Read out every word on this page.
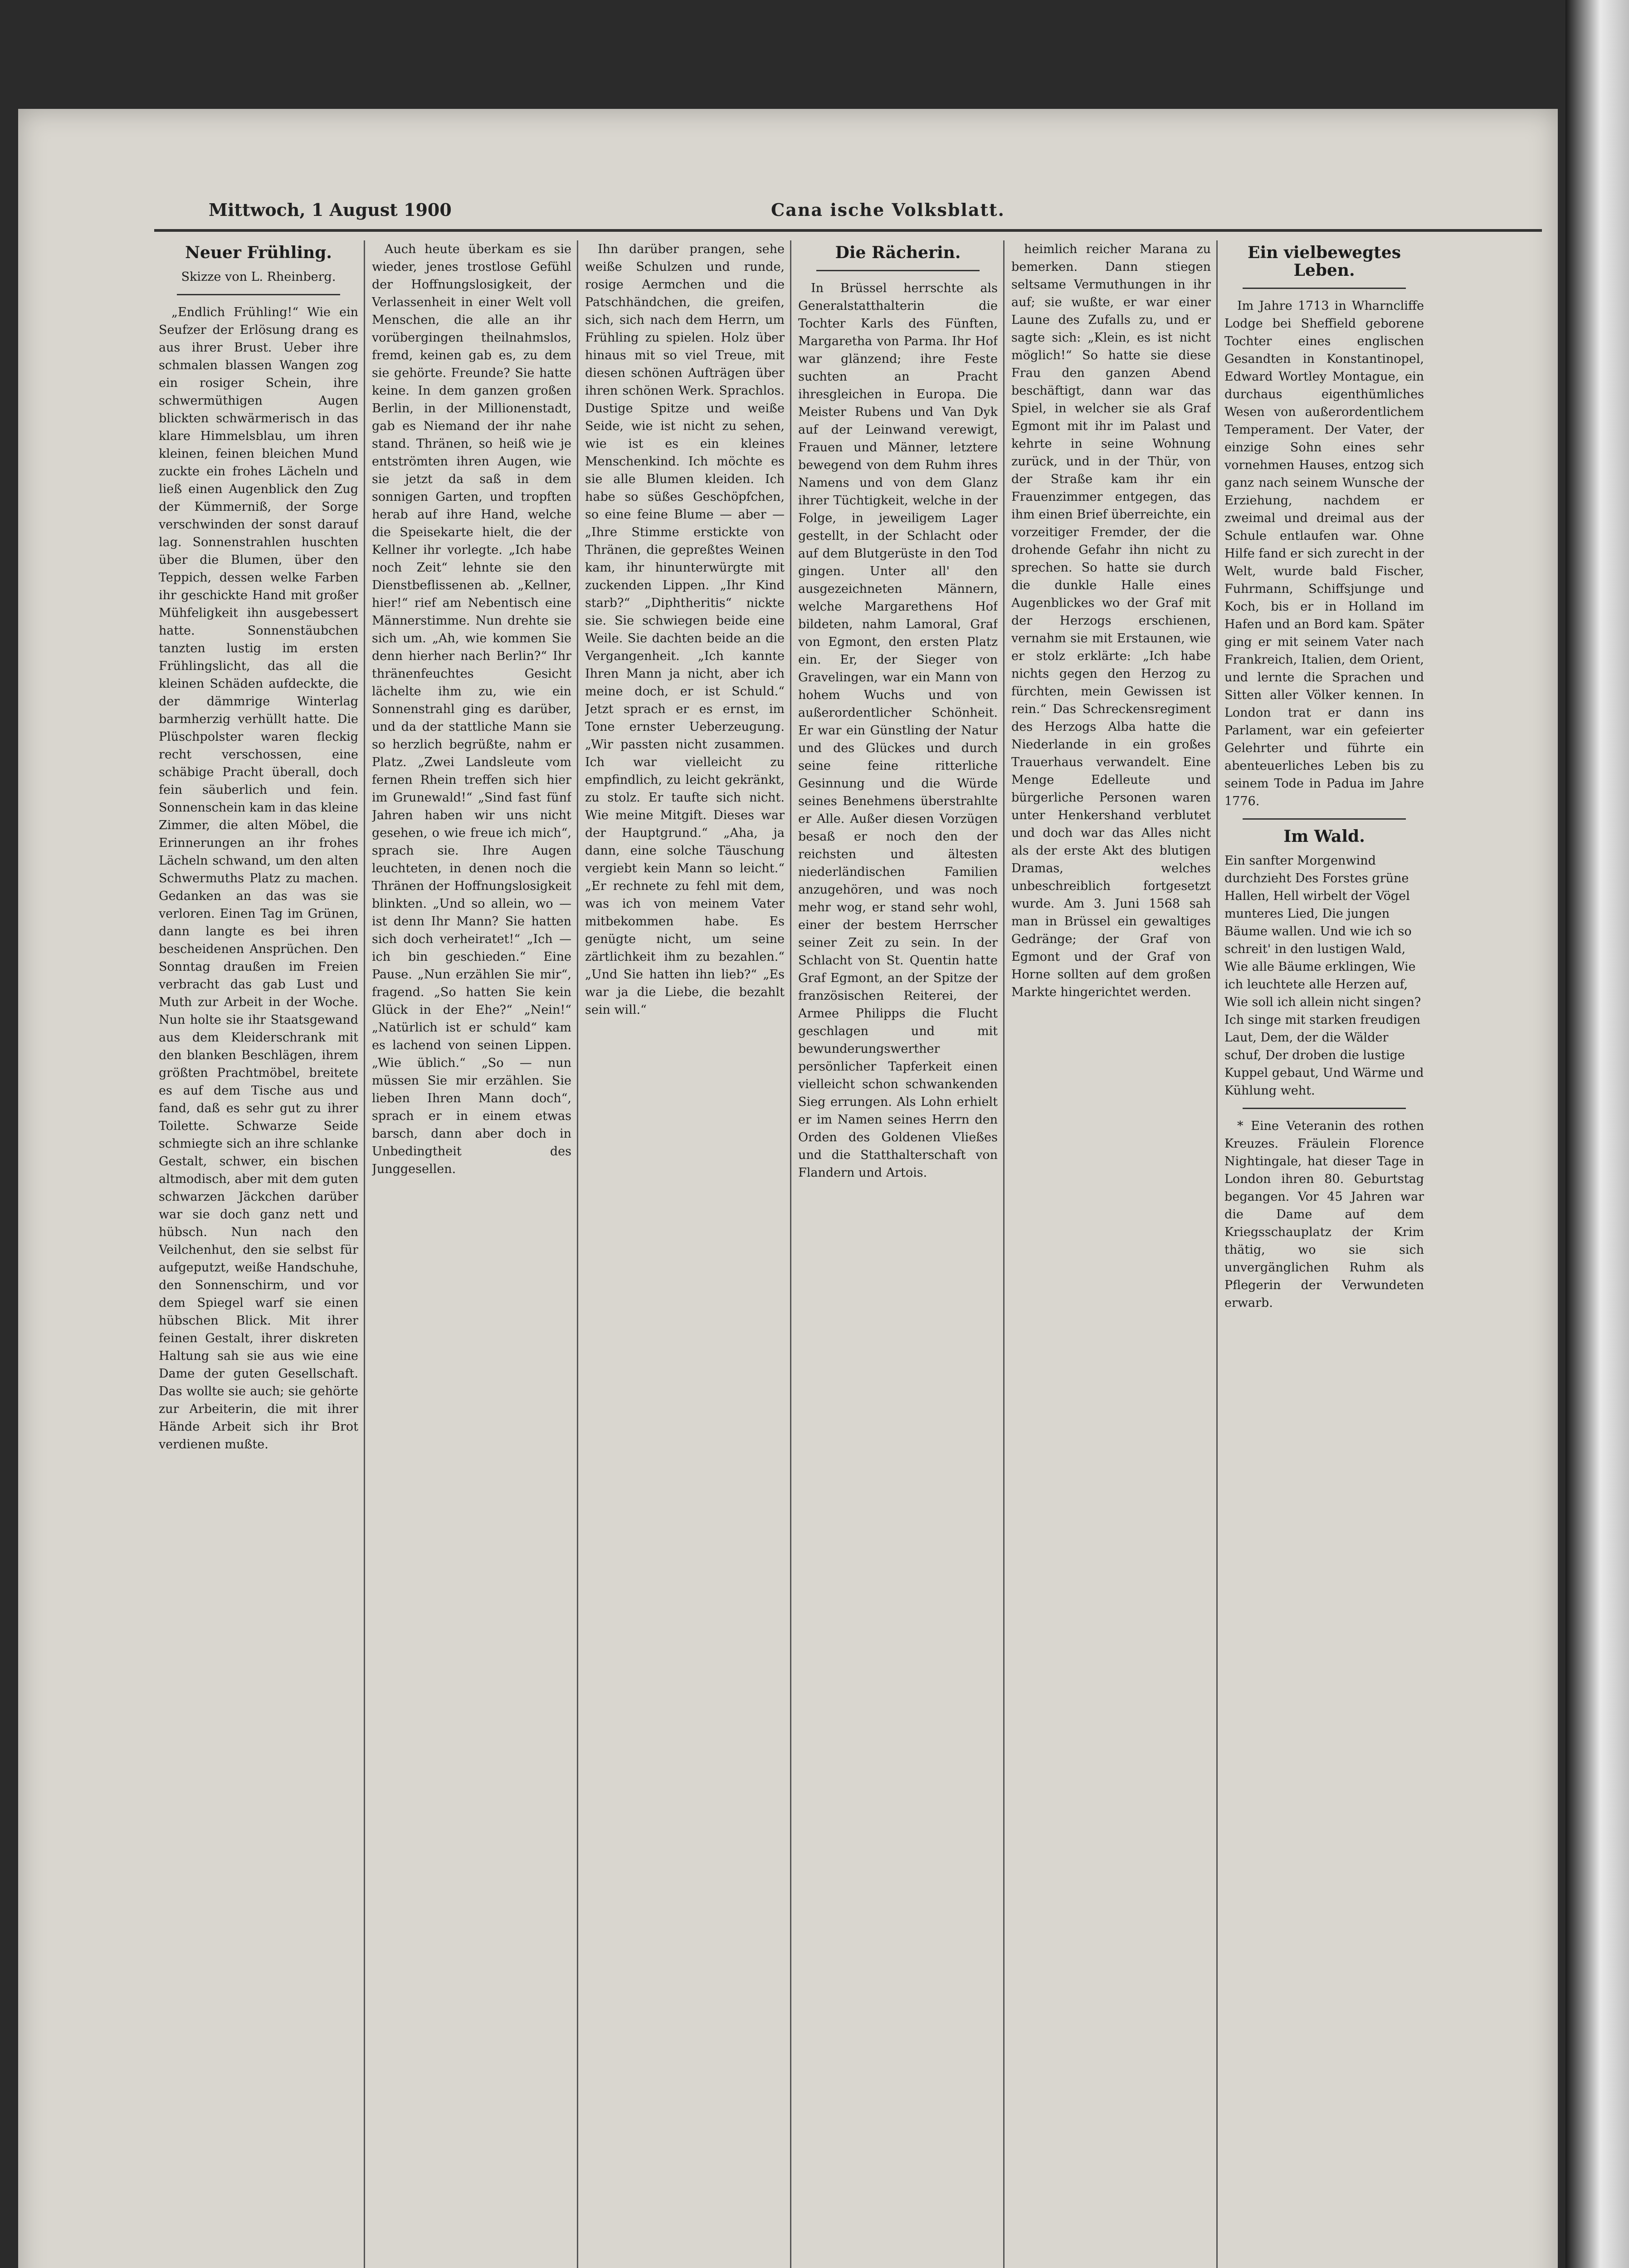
Mittwoch, 1 August 1900	Cana ische Volksblatt.
Neuer Frühling.
Skizze von L. Rheinberg.

„Endlich Frühling!“ Wie ein Seufzer der Erlösung drang es aus ihrer Brust. Ueber ihre schmalen blassen Wangen zog ein rosiger Schein, ihre schwermüthigen Augen blickten schwärmerisch in das klare Himmelsblau, um ihren kleinen, feinen bleichen Mund zuckte ein frohes Lächeln und ließ einen Augenblick den Zug der Kümmerniß, der Sorge verschwinden der sonst darauf lag. Sonnenstrahlen huschten über die Blumen, über den Teppich, dessen welke Farben ihr geschickte Hand mit großer Mühfeligkeit ihn ausgebessert hatte. Sonnenstäubchen tanzten lustig im ersten Frühlingslicht, das all die kleinen Schäden aufdeckte, die der dämmrige Winterlag barmherzig verhüllt hatte. Die Plüschpolster waren fleckig recht verschossen, eine schäbige Pracht überall, doch fein säuberlich und fein. Sonnenschein kam in das kleine Zimmer, die alten Möbel, die Erinnerungen an ihr frohes Lächeln schwand, um den alten Schwermuths Platz zu machen. Gedanken an das was sie verloren. Einen Tag im Grünen, dann langte es bei ihren bescheidenen Ansprüchen. Den Sonntag draußen im Freien verbracht das gab Lust und Muth zur Arbeit in der Woche. Nun holte sie ihr Staatsgewand aus dem Kleiderschrank mit den blanken Beschlägen, ihrem größten Prachtmöbel, breitete es auf dem Tische aus und fand, daß es sehr gut zu ihrer Toilette. Schwarze Seide schmiegte sich an ihre schlanke Gestalt, schwer, ein bischen altmodisch, aber mit dem guten schwarzen Jäckchen darüber war sie doch ganz nett und hübsch. Nun nach den Veilchenhut, den sie selbst für aufgeputzt, weiße Handschuhe, den Sonnenschirm, und vor dem Spiegel warf sie einen hübschen Blick. Mit ihrer feinen Gestalt, ihrer diskreten Haltung sah sie aus wie eine Dame der guten Gesellschaft. Das wollte sie auch; sie gehörte zur Arbeiterin, die mit ihrer Hände Arbeit sich ihr Brot verdienen mußte.

Auch heute überkam es sie wieder, jenes trostlose Gefühl der Hoffnungslosigkeit, der Verlassenheit in einer Welt voll Menschen, die alle an ihr vorübergingen theilnahmslos, fremd, keinen gab es, zu dem sie gehörte. Freunde? Sie hatte keine. In dem ganzen großen Berlin, in der Millionenstadt, gab es Niemand der ihr nahe stand. Thränen, so heiß wie je entströmten ihren Augen, wie sie jetzt da saß in dem sonnigen Garten, und tropften herab auf ihre Hand, welche die Speisekarte hielt, die der Kellner ihr vorlegte. „Ich habe noch Zeit“ lehnte sie den Dienstbeflissenen ab. „Kellner, hier!“ rief am Nebentisch eine Männerstimme. Nun drehte sie sich um. „Ah, wie kommen Sie denn hierher nach Berlin?“ Ihr thränenfeuchtes Gesicht lächelte ihm zu, wie ein Sonnenstrahl ging es darüber, und da der stattliche Mann sie so herzlich begrüßte, nahm er Platz. „Zwei Landsleute vom fernen Rhein treffen sich hier im Grunewald!“ „Sind fast fünf Jahren haben wir uns nicht gesehen, o wie freue ich mich“, sprach sie. Ihre Augen leuchteten, in denen noch die Thränen der Hoffnungslosigkeit blinkten. „Und so allein, wo — ist denn Ihr Mann? Sie hatten sich doch verheiratet!“ „Ich — ich bin geschieden.“ Eine Pause. „Nun erzählen Sie mir“, fragend. „So hatten Sie kein Glück in der Ehe?“ „Nein!“ „Natürlich ist er schuld“ kam es lachend von seinen Lippen. „Wie üblich.“ „So — nun müssen Sie mir erzählen. Sie lieben Ihren Mann doch“, sprach er in einem etwas barsch, dann aber doch in Unbedingtheit des Junggesellen.

Ihn darüber prangen, sehe weiße Schulzen und runde, rosige Aermchen und die Patschhändchen, die greifen, sich, sich nach dem Herrn, um Frühling zu spielen. Holz über hinaus mit so viel Treue, mit diesen schönen Aufträgen über ihren schönen Werk. Sprachlos. Dustige Spitze und weiße Seide, wie ist nicht zu sehen, wie ist es ein kleines Menschenkind. Ich möchte es sie alle Blumen kleiden. Ich habe so süßes Geschöpfchen, so eine feine Blume — aber — „Ihre Stimme erstickte von Thränen, die gepreßtes Weinen kam, ihr hinunterwürgte mit zuckenden Lippen. „Ihr Kind starb?“ „Diphtheritis“ nickte sie. Sie schwiegen beide eine Weile. Sie dachten beide an die Vergangenheit. „Ich kannte Ihren Mann ja nicht, aber ich meine doch, er ist Schuld.“ Jetzt sprach er es ernst, im Tone ernster Ueberzeugung. „Wir passten nicht zusammen. Ich war vielleicht zu empfindlich, zu leicht gekränkt, zu stolz. Er taufte sich nicht. Wie meine Mitgift. Dieses war der Hauptgrund.“ „Aha, ja dann, eine solche Täuschung vergiebt kein Mann so leicht.“ „Er rechnete zu fehl mit dem, was ich von meinem Vater mitbekommen habe. Es genügte nicht, um seine zärtlichkeit ihm zu bezahlen.“ „Und Sie hatten ihn lieb?“ „Es war ja die Liebe, die bezahlt sein will.“

Die Rächerin.

In Brüssel herrschte als Generalstatthalterin die Tochter Karls des Fünften, Margaretha von Parma. Ihr Hof war glänzend; ihre Feste suchten an Pracht ihresgleichen in Europa. Die Meister Rubens und Van Dyk auf der Leinwand verewigt, Frauen und Männer, letztere bewegend von dem Ruhm ihres Namens und von dem Glanz ihrer Tüchtigkeit, welche in der Folge, in jeweiligem Lager gestellt, in der Schlacht oder auf dem Blutgerüste in den Tod gingen. Unter all' den ausgezeichneten Männern, welche Margarethens Hof bildeten, nahm Lamoral, Graf von Egmont, den ersten Platz ein. Er, der Sieger von Gravelingen, war ein Mann von hohem Wuchs und von außerordentlicher Schönheit. Er war ein Günstling der Natur und des Glückes und durch seine feine ritterliche Gesinnung und die Würde seines Benehmens überstrahlte er Alle. Außer diesen Vorzügen besaß er noch den der reichsten und ältesten niederländischen Familien anzugehören, und was noch mehr wog, er stand sehr wohl, einer der bestem Herrscher seiner Zeit zu sein. In der Schlacht von St. Quentin hatte Graf Egmont, an der Spitze der französischen Reiterei, der Armee Philipps die Flucht geschlagen und mit bewunderungswerther persönlicher Tapferkeit einen vielleicht schon schwankenden Sieg errungen. Als Lohn erhielt er im Namen seines Herrn den Orden des Goldenen Vließes und die Statthalterschaft von Flandern und Artois.

heimlich reicher Marana zu bemerken. Dann stiegen seltsame Vermuthungen in ihr auf; sie wußte, er war einer Laune des Zufalls zu, und er sagte sich: „Klein, es ist nicht möglich!“ So hatte sie diese Frau den ganzen Abend beschäftigt, dann war das Spiel, in welcher sie als Graf Egmont mit ihr im Palast und kehrte in seine Wohnung zurück, und in der Thür, von der Straße kam ihr ein Frauenzimmer entgegen, das ihm einen Brief überreichte, ein vorzeitiger Fremder, der die drohende Gefahr ihn nicht zu sprechen. So hatte sie durch die dunkle Halle eines Augenblickes wo der Graf mit der Herzogs erschienen, vernahm sie mit Erstaunen, wie er stolz erklärte: „Ich habe nichts gegen den Herzog zu fürchten, mein Gewissen ist rein.“ Das Schreckensregiment des Herzogs Alba hatte die Niederlande in ein großes Trauerhaus verwandelt. Eine Menge Edelleute und bürgerliche Personen waren unter Henkershand verblutet und doch war das Alles nicht als der erste Akt des blutigen Dramas, welches unbeschreiblich fortgesetzt wurde. Am 3. Juni 1568 sah man in Brüssel ein gewaltiges Gedränge; der Graf von Egmont und der Graf von Horne sollten auf dem großen Markte hingerichtet werden.

Ein vielbewegtes Leben.

Im Jahre 1713 in Wharncliffe Lodge bei Sheffield geborene Tochter eines englischen Gesandten in Konstantinopel, Edward Wortley Montague, ein durchaus eigenthümliches Wesen von außerordentlichem Temperament. Der Vater, der einzige Sohn eines sehr vornehmen Hauses, entzog sich ganz nach seinem Wunsche der Erziehung, nachdem er zweimal und dreimal aus der Schule entlaufen war. Ohne Hilfe fand er sich zurecht in der Welt, wurde bald Fischer, Fuhrmann, Schiffsjunge und Koch, bis er in Holland im Hafen und an Bord kam. Später ging er mit seinem Vater nach Frankreich, Italien, dem Orient, und lernte die Sprachen und Sitten aller Völker kennen. In London trat er dann ins Parlament, war ein gefeierter Gelehrter und führte ein abenteuerliches Leben bis zu seinem Tode in Padua im Jahre 1776.

Im Wald.

Ein sanfter Morgenwind durchzieht Des Forstes grüne Hallen, Hell wirbelt der Vögel munteres Lied, Die jungen Bäume wallen. Und wie ich so schreit' in den lustigen Wald, Wie alle Bäume erklingen, Wie ich leuchtete alle Herzen auf, Wie soll ich allein nicht singen? Ich singe mit starken freudigen Laut, Dem, der die Wälder schuf, Der droben die lustige Kuppel gebaut, Und Wärme und Kühlung weht.

* Eine Veteranin des rothen Kreuzes. Fräulein Florence Nightingale, hat dieser Tage in London ihren 80. Geburtstag begangen. Vor 45 Jahren war die Dame auf dem Kriegsschauplatz der Krim thätig, wo sie sich unvergänglichen Ruhm als Pflegerin der Verwundeten erwarb.
